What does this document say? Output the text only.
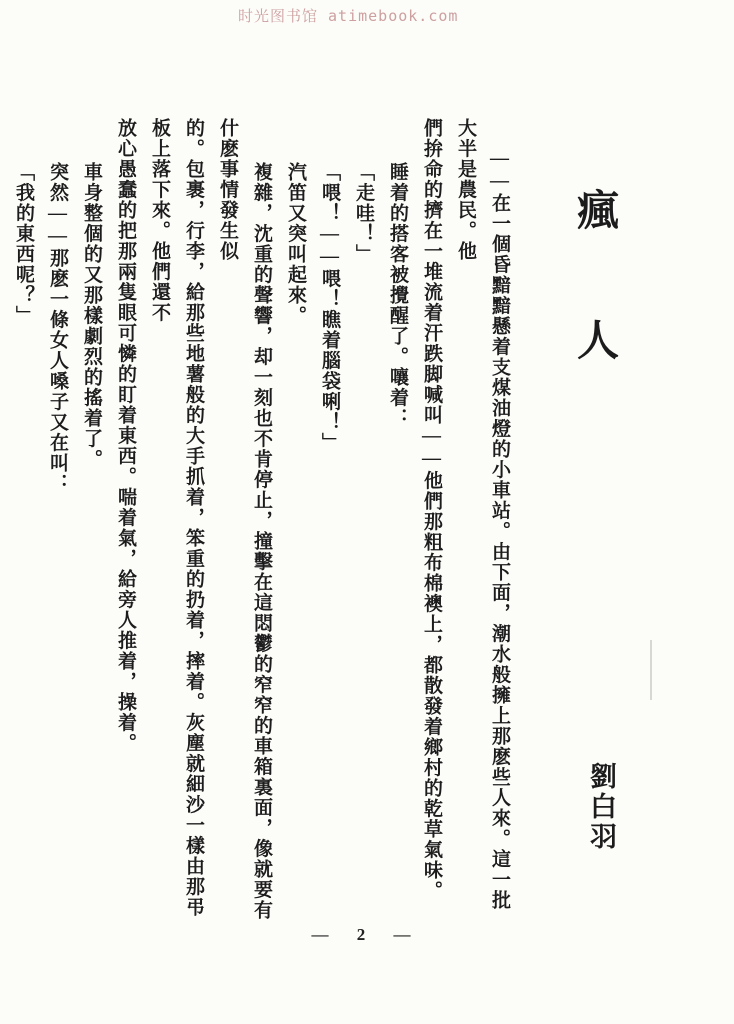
时光图书馆 atimebook.com
瘋人
劉白羽
——在一個昏黯黯懸着支煤油燈的小車站。由下面，潮水般擁上那麽些人來。這一批大半是農民。他
們拚命的擠在一堆流着汗跌脚喊叫——他們那粗布棉襖上，都散發着鄉村的乾草氣味。
睡着的搭客被攪醒了。嚷着：
「走哇！」
「喂！——喂！瞧着腦袋唎！」
汽笛又突叫起來。
複雜，沈重的聲響，却一刻也不肯停止，撞擊在這悶鬱的窄窄的車箱裏面，像就要有什麽事情發生似
的。包裹，行李，給那些地薯般的大手抓着，笨重的扔着，摔着。灰塵就細沙一樣由那弔板上落下來。他們還不
放心愚蠢的把那兩隻眼可憐的盯着東西。喘着氣，給旁人推着，操着。
車身整個的又那樣劇烈的搖着了。
突然——那麽一條女人嗓子又在叫：
「我的東西呢？」
— 2 —
